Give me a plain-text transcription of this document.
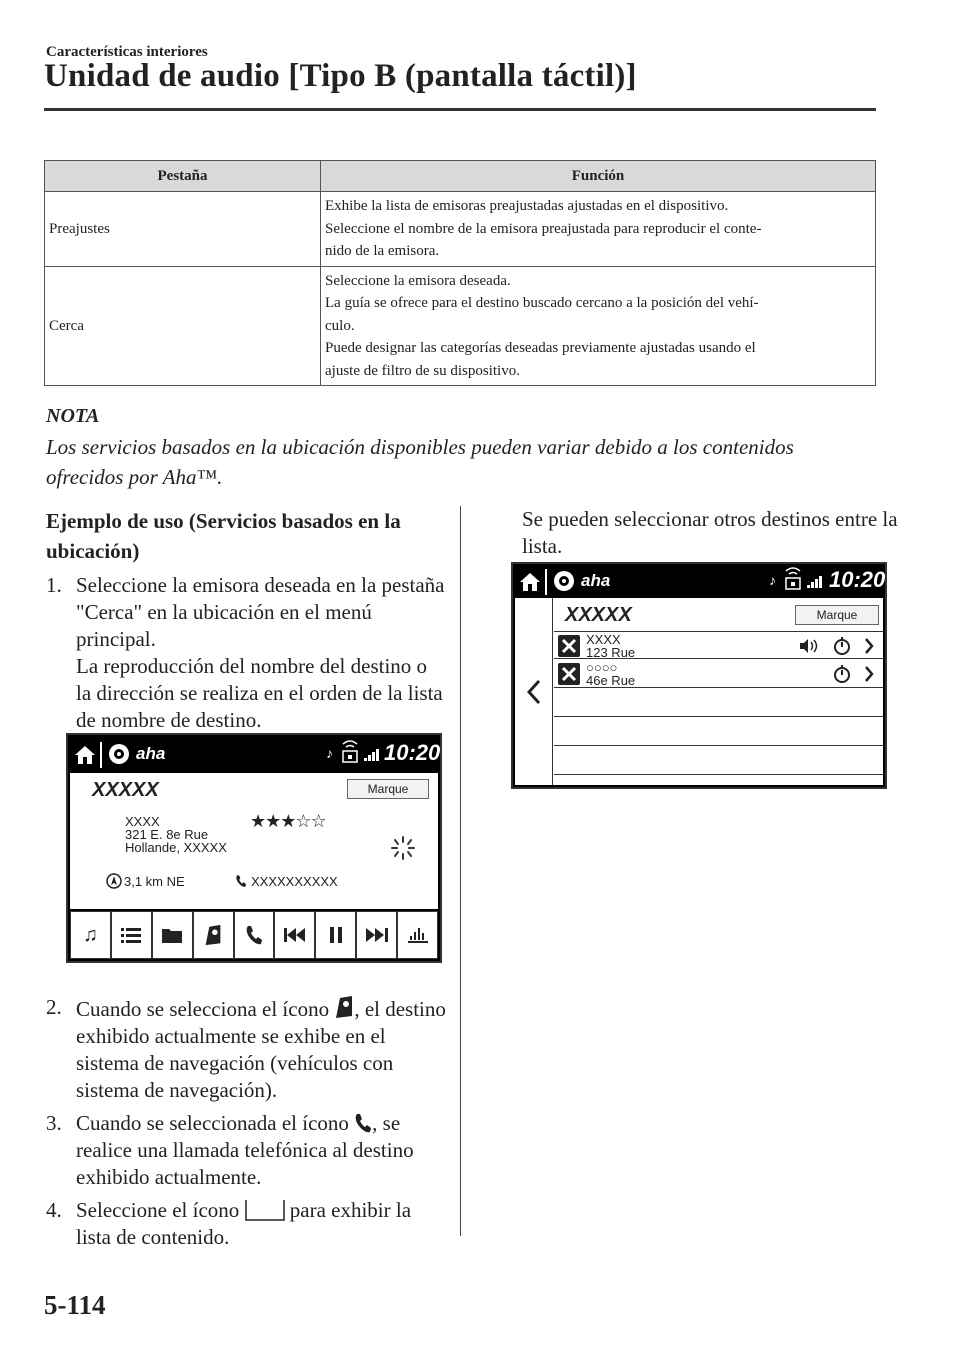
Características interiores
Unidad de audio [Tipo B (pantalla táctil)]
Pestaña	Función
Preajustes	Exhibe la lista de emisoras preajustadas ajustadas en el dispositivo.

Seleccione el nombre de la emisora preajustada para reproducir el conte-

nido de la emisora.

Cerca	Seleccione la emisora deseada.

La guía se ofrece para el destino buscado cercano a la posición del vehí-

culo.

Puede designar las categorías deseadas previamente ajustadas usando el

ajuste de filtro de su dispositivo.

NOTA
Los servicios basados en la ubicación disponibles pueden variar debido a los contenidos ofrecidos por Aha™.
Ejemplo de uso (Servicios basados en la ubicación)
1. Seleccione la emisora deseada en la pestaña "Cerca" en la ubicación en el menú principal.
La reproducción del nombre del destino o la dirección se realiza en el orden de la lista de nombre de destino.
2. Cuando se selecciona el ícono , el destino exhibido actualmente se exhibe en el sistema de navegación (vehículos con sistema de navegación).
3. Cuando se seleccionada el ícono , se realice una llamada telefónica al destino exhibido actualmente.
4. Seleccione el ícono  para exhibir la lista de contenido.
Se pueden seleccionar otros destinos entre la lista.
aha	♪ 10:20
XXXXX	Marque
XXXX
321 E. 8e Rue
Hollande, XXXXX
★★★☆☆
3,1 km NE	XXXXXXXXXX
♫
aha	♪ 10:20
XXXXX	Marque
XXXX
123 Rue
○○○○
46e Rue
5-114
